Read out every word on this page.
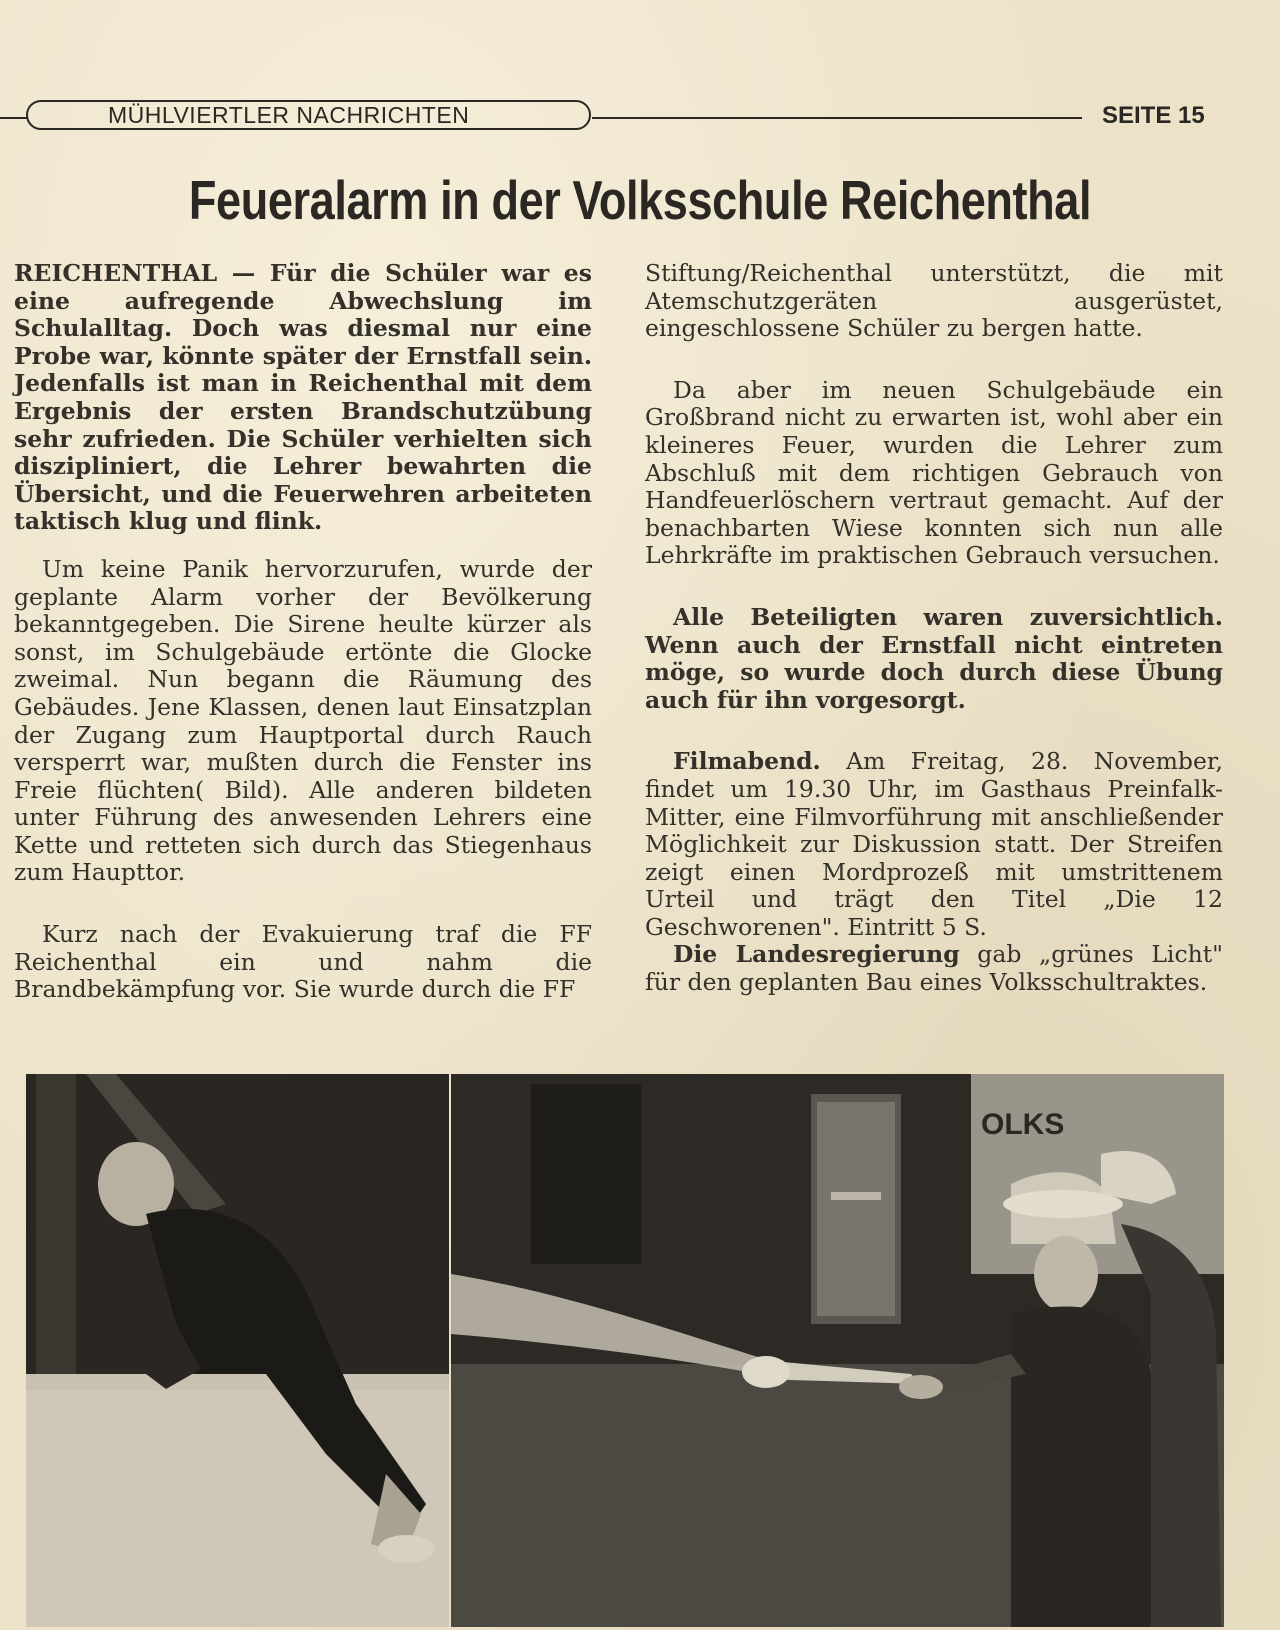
MÜHLVIERTLER NACHRICHTEN	SEITE 15
Feueralarm in der Volksschule Reichenthal

REICHENTHAL — Für die Schüler war es eine aufregende Abwechslung im Schulalltag. Doch was diesmal nur eine Probe war, könnte später der Ernstfall sein. Jedenfalls ist man in Reichenthal mit dem Ergebnis der ersten Brandschutzübung sehr zufrieden. Die Schüler verhielten sich diszipliniert, die Lehrer bewahrten die Übersicht, und die Feuerwehren arbeiteten taktisch klug und flink.

Um keine Panik hervorzurufen, wurde der geplante Alarm vorher der Bevölkerung bekanntgegeben. Die Sirene heulte kürzer als sonst, im Schulgebäude ertönte die Glocke zweimal. Nun begann die Räumung des Gebäudes. Jene Klassen, denen laut Einsatzplan der Zugang zum Hauptportal durch Rauch versperrt war, mußten durch die Fenster ins Freie flüchten( Bild). Alle anderen bildeten unter Führung des anwesenden Lehrers eine Kette und retteten sich durch das Stiegenhaus zum Haupttor.

Kurz nach der Evakuierung traf die FF Reichenthal ein und nahm die Brandbekämpfung vor. Sie wurde durch die FF

Stiftung/Reichenthal unterstützt, die mit Atemschutzgeräten ausgerüstet, eingeschlossene Schüler zu bergen hatte.

Da aber im neuen Schulgebäude ein Großbrand nicht zu erwarten ist, wohl aber ein kleineres Feuer, wurden die Lehrer zum Abschluß mit dem richtigen Gebrauch von Handfeuerlöschern vertraut gemacht. Auf der benachbarten Wiese konnten sich nun alle Lehrkräfte im praktischen Gebrauch versuchen.

Alle Beteiligten waren zuversichtlich. Wenn auch der Ernstfall nicht eintreten möge, so wurde doch durch diese Übung auch für ihn vorgesorgt.

Filmabend. Am Freitag, 28. November, findet um 19.30 Uhr, im Gasthaus Preinfalk-Mitter, eine Filmvorführung mit anschließender Möglichkeit zur Diskussion statt. Der Streifen zeigt einen Mordprozeß mit umstrittenem Urteil und trägt den Titel „Die 12 Geschworenen". Eintritt 5 S.

Die Landesregierung gab „grünes Licht" für den geplanten Bau eines Volksschultraktes.

OLKS
